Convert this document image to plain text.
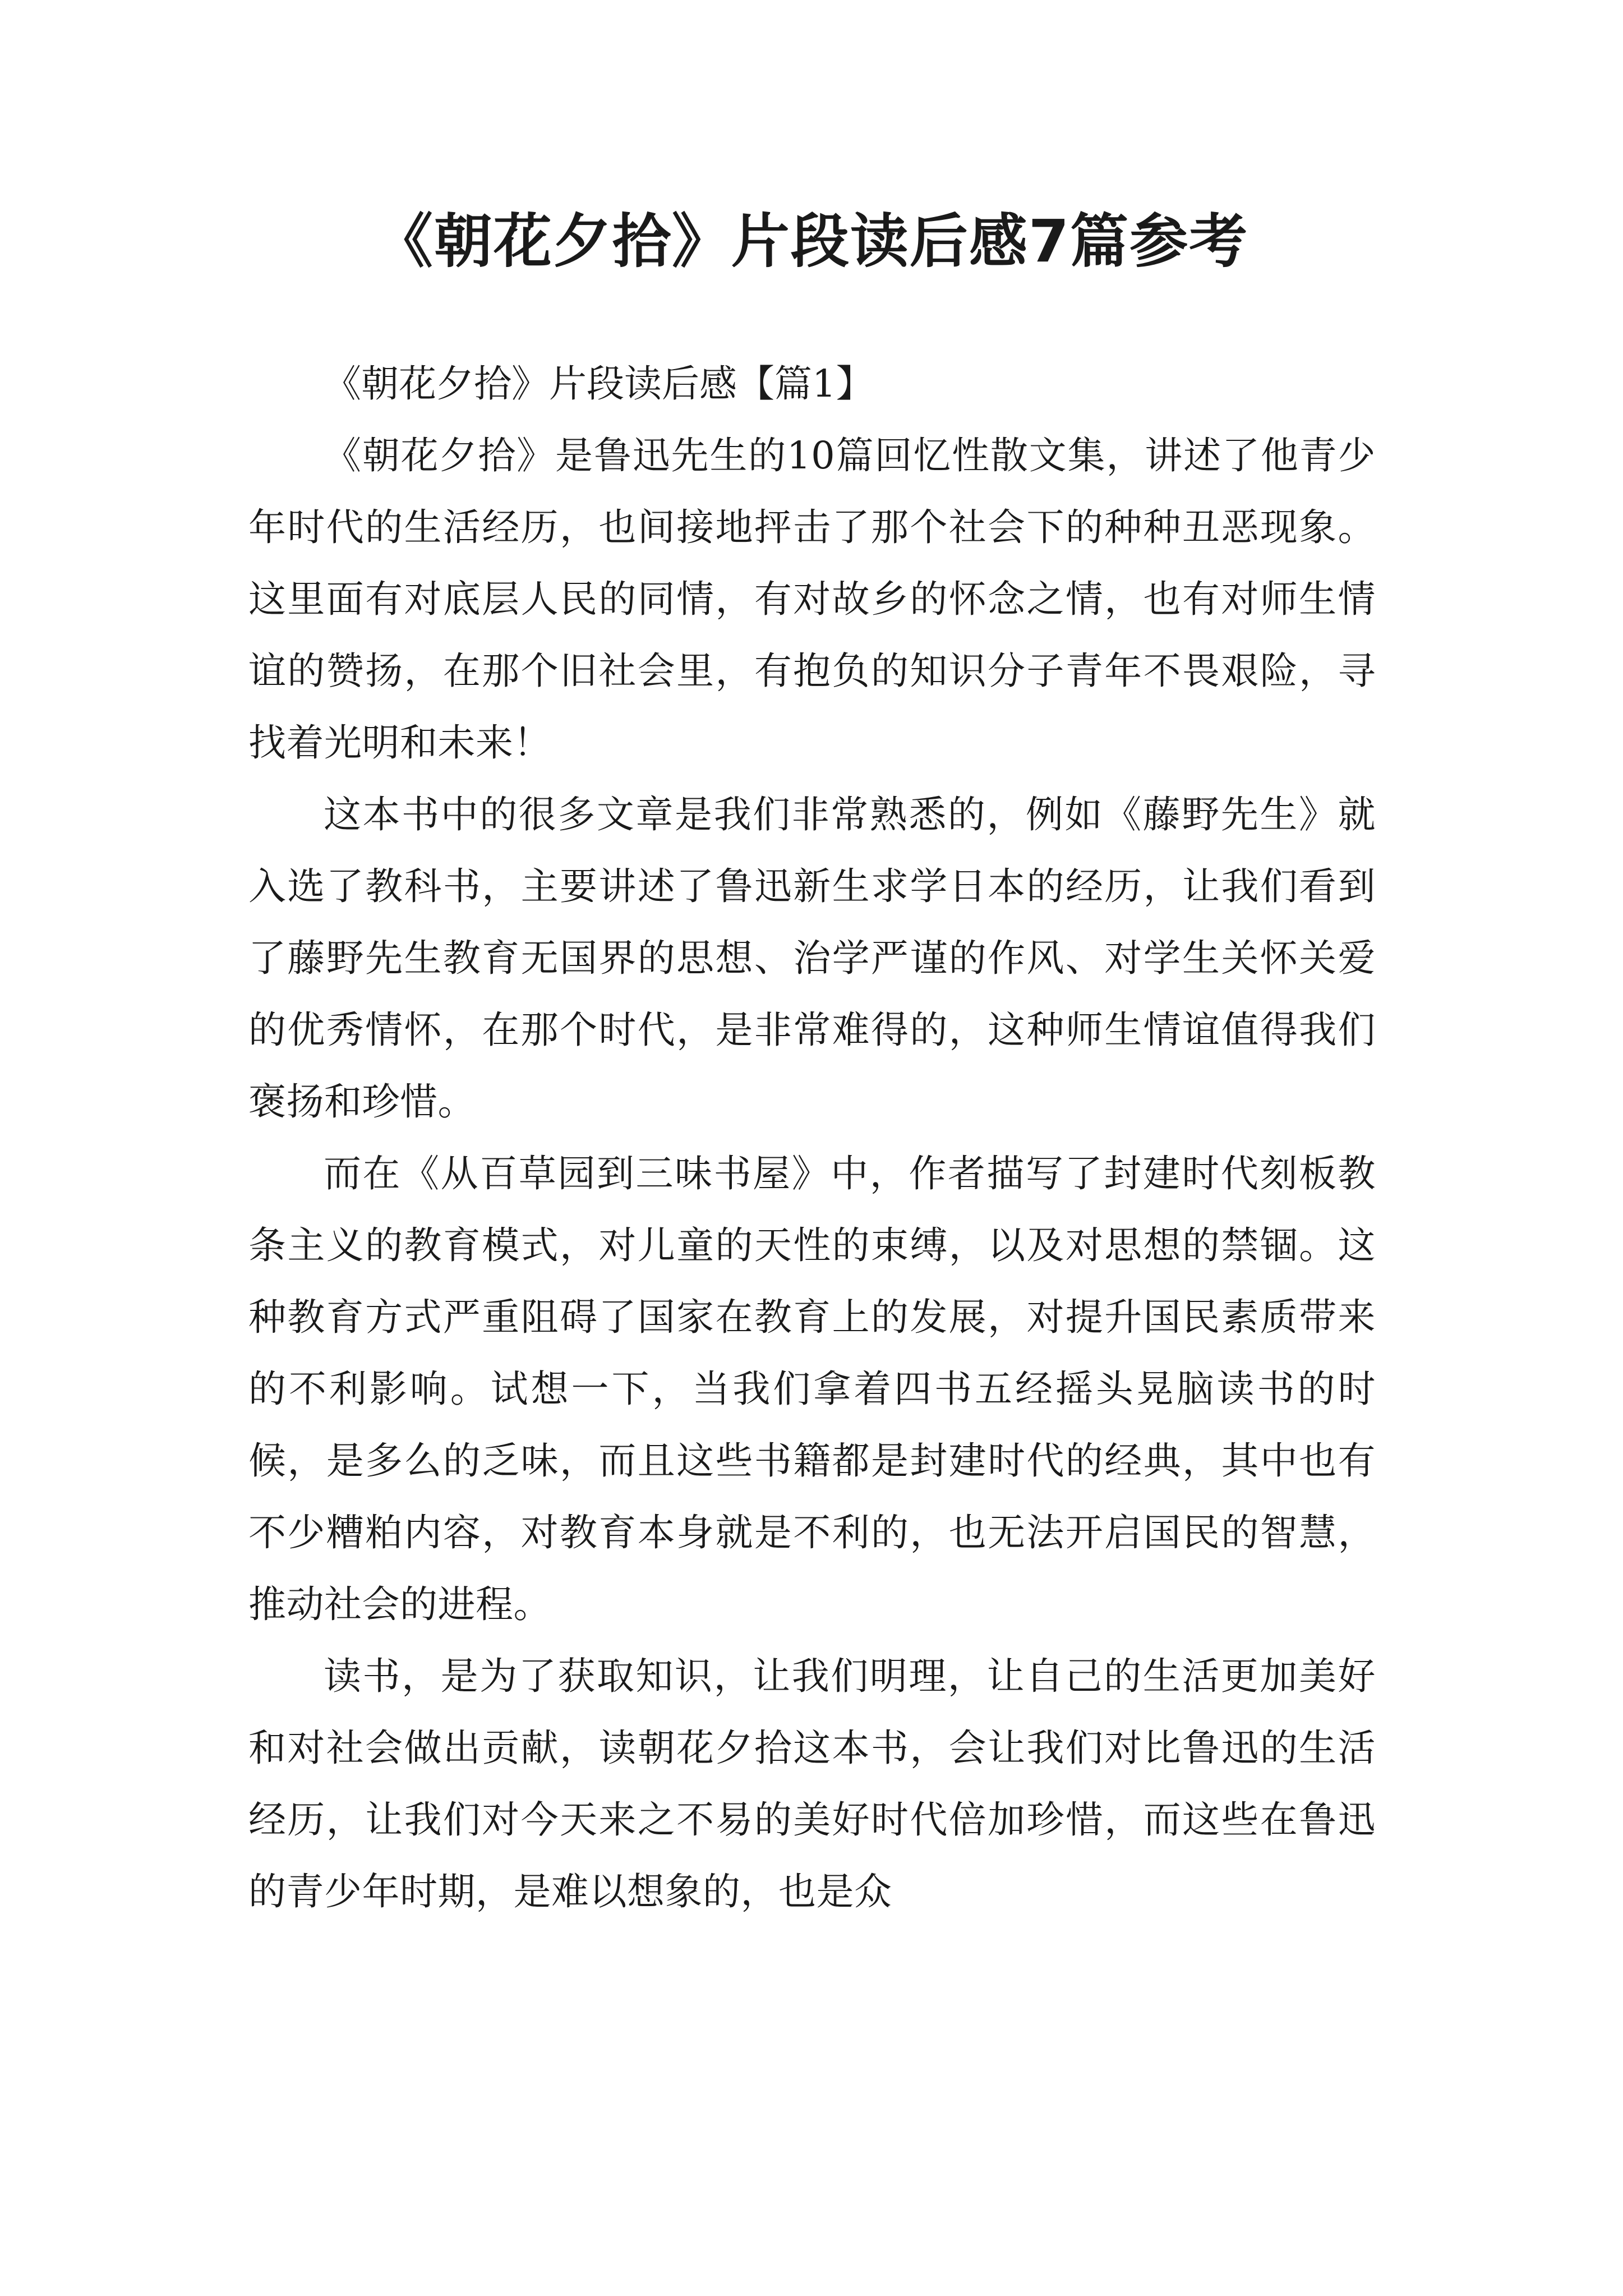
《朝花夕拾》片段读后感7篇参考

《朝花夕拾》片段读后感【篇1】

《朝花夕拾》是鲁迅先生的10篇回忆性散文集，讲述了他青少年时代的生活经历，也间接地抨击了那个社会下的种种丑恶现象。这里面有对底层人民的同情，有对故乡的怀念之情，也有对师生情谊的赞扬，在那个旧社会里，有抱负的知识分子青年不畏艰险，寻找着光明和未来！

这本书中的很多文章是我们非常熟悉的，例如《藤野先生》就入选了教科书，主要讲述了鲁迅新生求学日本的经历，让我们看到了藤野先生教育无国界的思想、治学严谨的作风、对学生关怀关爱的优秀情怀，在那个时代，是非常难得的，这种师生情谊值得我们褒扬和珍惜。

而在《从百草园到三味书屋》中，作者描写了封建时代刻板教条主义的教育模式，对儿童的天性的束缚，以及对思想的禁锢。这种教育方式严重阻碍了国家在教育上的发展，对提升国民素质带来的不利影响。试想一下，当我们拿着四书五经摇头晃脑读书的时候，是多么的乏味，而且这些书籍都是封建时代的经典，其中也有不少糟粕内容，对教育本身就是不利的，也无法开启国民的智慧，推动社会的进程。

读书，是为了获取知识，让我们明理，让自己的生活更加美好和对社会做出贡献，读朝花夕拾这本书，会让我们对比鲁迅的生活经历，让我们对今天来之不易的美好时代倍加珍惜，而这些在鲁迅的青少年时期，是难以想象的，也是众
